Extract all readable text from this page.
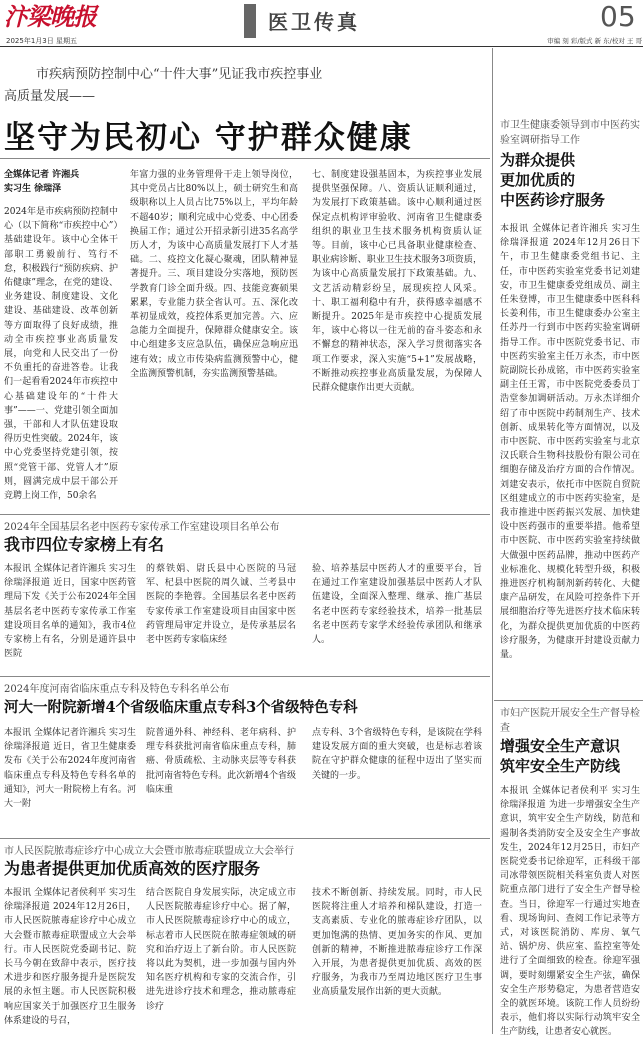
汴梁晚报
2025年1月3日 星期五
医卫传真	05
审编 刻 彩/版式 新 东/校对 王 哥
市疾病预防控制中心“十件大事”见证我市疾控事业
高质量发展——
坚守为民初心 守护群众健康
全媒体记者 许湘兵
实习生 徐瑞泽
2024年是市疾病预防控制中心（以下简称“市疾控中心”）基础建设年。该中心全体干部职工勇毅前行、笃行不怠，积极践行“预防疾病、护佑健康”理念，在党的建设、业务建设、制度建设、文化建设、基础建设、改革创新等方面取得了良好成绩，推动全市疾控事业高质量发展，向党和人民交出了一份不负重托的奋进答卷。让我们一起看看2024年市疾控中心基础建设年的“十件大事”——一、党建引领全面加强，干部和人才队伍建设取得历史性突破。2024年，该中心党委坚持党建引领，按照“党管干部、党管人才”原则，圆满完成中层干部公开竞聘上岗工作，50余名
年富力强的业务管理骨干走上领导岗位，其中党员占比80%以上，硕士研究生和高级职称以上人员占比75%以上，平均年龄不超40岁；顺利完成中心党委、中心团委换届工作；通过公开招录新引进35名高学历人才，为该中心高质量发展打下人才基础。二、疫控文化凝心聚魂，团队精神显著提升。三、项目建设分实落地，预防医学教育门诊全面升级。四、技能竞赛硕果累累，专业能力获全省认可。五、深化改革初显成效，疫控体系更加完善。六、应急能力全面提升，保障群众健康安全。该中心组建多支应急队伍，确保应急响应迅速有效；成立市传染病监测预警中心，健全监测预警机制，夯实监测预警基础。
七、制度建设强基固本，为疾控事业发展提供坚强保障。八、资质认证顺利通过，为发展打下政策基础。该中心顺利通过医保定点机构评审验收、河南省卫生健康委组织的职业卫生技术服务机构资质认证等。目前，该中心已具备职业健康检查、职业病诊断、职业卫生技术服务3项资质，为该中心高质量发展打下政策基础。九、文艺活动精彩纷呈，展现疾控人风采。十、职工福利稳中有升，获得感幸福感不断提升。2025年是市疾控中心提质发展年，该中心将以一往无前的奋斗姿态和永不懈怠的精神状态，深入学习贯彻落实各项工作要求，深入实施“5+1”发展战略，不断推动疾控事业高质量发展，为保障人民群众健康作出更大贡献。
2024年全国基层名老中医药专家传承工作室建设项目名单公布
我市四位专家榜上有名
本报讯 全媒体记者许湘兵 实习生徐瑞泽报道 近日，国家中医药管理局下发《关于公布2024年全国基层名老中医药专家传承工作室建设项目名单的通知》，我市4位专家榜上有名，分别是通许县中医院
的蔡铁娟、尉氏县中心医院的马冠军、杞县中医院的周久诚、兰考县中医院的李艳蓉。全国基层名老中医药专家传承工作室建设项目由国家中医药管理局审定并设立，是传承基层名老中医药专家临床经
验、培养基层中医药人才的重要平台，旨在通过工作室建设加强基层中医药人才队伍建设，全面深入整理、继承、推广基层名老中医药专家经验技术，培养一批基层名老中医药专家学术经验传承团队和继承人。
2024年度河南省临床重点专科及特色专科名单公布
河大一附院新增4个省级临床重点专科3个省级特色专科
本报讯 全媒体记者许湘兵 实习生徐瑞泽报道 近日，省卫生健康委发布《关于公布2024年度河南省临床重点专科及特色专科名单的通知》，河大一附院榜上有名。河大一附
院普通外科、神经科、老年病科、护理专科获批河南省临床重点专科，肺癌、骨质疏松、主动脉夹层等专科获批河南省特色专科。此次新增4个省级临床重
点专科、3个省级特色专科，是该院在学科建设发展方面的重大突破，也是标志着该院在守护群众健康的征程中迈出了坚实而关键的一步。
市人民医院脓毒症诊疗中心成立大会暨市脓毒症联盟成立大会举行
为患者提供更加优质高效的医疗服务
本报讯 全媒体记者侯利平 实习生徐瑞泽报道 2024年12月26日，市人民医院脓毒症诊疗中心成立大会暨市脓毒症联盟成立大会举行。市人民医院党委副书记、院长马今朝在致辞中表示，医疗技术进步和医疗服务提升是医院发展的永恒主题。市人民医院积极响应国家关于加强医疗卫生服务体系建设的号召，
结合医院自身发展实际，决定成立市人民医院脓毒症诊疗中心。据了解，市人民医院脓毒症诊疗中心的成立，标志着市人民医院在脓毒症领域的研究和治疗迈上了新台阶。市人民医院将以此为契机，进一步加强与国内外知名医疗机构和专家的交流合作，引进先进诊疗技术和理念，推动脓毒症诊疗
技术不断创新、持续发展。同时，市人民医院将注重人才培养和梯队建设，打造一支高素质、专业化的脓毒症诊疗团队，以更加饱满的热情、更加务实的作风、更加创新的精神，不断推进脓毒症诊疗工作深入开展，为患者提供更加优质、高效的医疗服务，为我市乃至周边地区医疗卫生事业高质量发展作出新的更大贡献。
市卫生健康委领导到市中医药实验室调研指导工作
为群众提供
更加优质的
中医药诊疗服务
本报讯 全媒体记者许湘兵 实习生徐瑞泽报道 2024年12月26日下午，市卫生健康委党组书记、主任，市中医药实验室党委书记刘建安，市卫生健康委党组成员、副主任朱登博，市卫生健康委中医科科长姜利伟，市卫生健康委办公室主任苏丹一行到市中医药实验室调研指导工作。市中医院党委书记、市中医药实验室主任万永杰，市中医院副院长孙成铭，市中医药实验室副主任王霄，市中医院党委委员丁浩堂参加调研活动。万永杰详细介绍了市中医院中药制剂生产、技术创新、成果转化等方面情况，以及市中医院、市中医药实验室与北京汉氏联合生物科技股份有限公司在细胞存储及治疗方面的合作情况。刘建安表示，依托市中医院自贸院区组建成立的市中医药实验室，是我市推进中医药振兴发展、加快建设中医药强市的重要举措。他希望市中医院、市中医药实验室持续做大做强中医药品牌，推动中医药产业标准化、规模化转型升级，积极推进医疗机构制剂新药转化、大健康产品研发，在风险可控条件下开展细胞治疗等先进医疗技术临床转化，为群众提供更加优质的中医药诊疗服务，为健康开封建设贡献力量。
市妇产医院开展安全生产督导检查
增强安全生产意识
筑牢安全生产防线
本报讯 全媒体记者侯利平 实习生徐瑞泽报道 为进一步增强安全生产意识，筑牢安全生产防线，防范和遏制各类消防安全及安全生产事故发生，2024年12月25日，市妇产医院党委书记徐迎军，正科级干部司冰带领医院相关科室负责人对医院重点部门进行了安全生产督导检查。当日，徐迎军一行通过实地查看、现场询问、查阅工作记录等方式，对该医院消防、库房、氧气站、锅炉房、供应室、监控室等处进行了全面细致的检查。徐迎军强调，要时刻绷紧安全生产弦，确保安全生产形势稳定，为患者营造安全的就医环境。该院工作人员纷纷表示，他们将以实际行动筑牢安全生产防线，让患者安心就医。
